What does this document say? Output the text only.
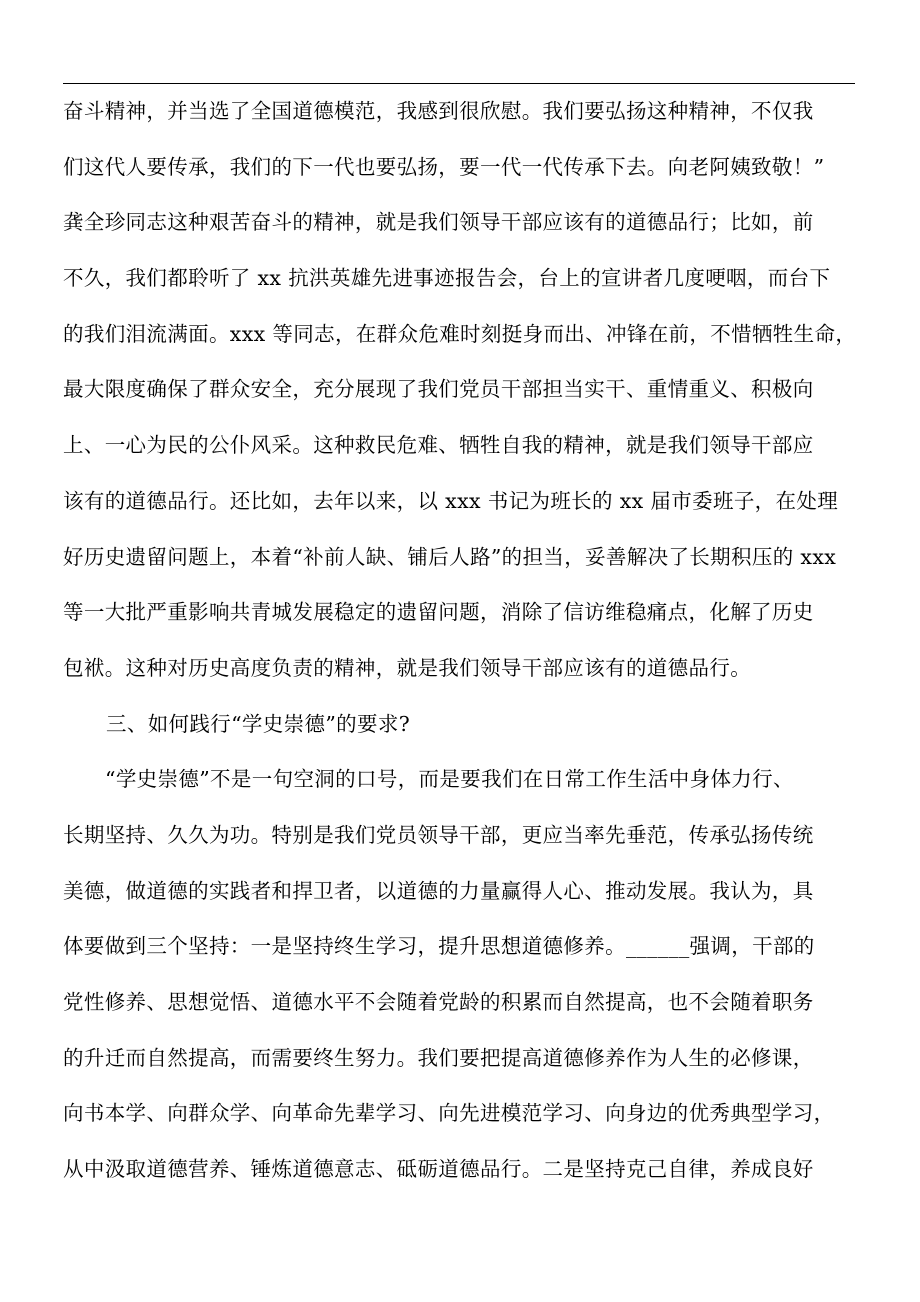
奋斗精神，并当选了全国道德模范，我感到很欣慰。我们要弘扬这种精神，不仅我
们这代人要传承，我们的下一代也要弘扬，要一代一代传承下去。向老阿姨致敬！”
龚全珍同志这种艰苦奋斗的精神，就是我们领导干部应该有的道德品行；比如，前
不久，我们都聆听了 xx 抗洪英雄先进事迹报告会，台上的宣讲者几度哽咽，而台下
的我们泪流满面。xxx 等同志，在群众危难时刻挺身而出、冲锋在前，不惜牺牲生命，
最大限度确保了群众安全，充分展现了我们党员干部担当实干、重情重义、积极向
上、一心为民的公仆风采。这种救民危难、牺牲自我的精神，就是我们领导干部应
该有的道德品行。还比如，去年以来，以 xxx 书记为班长的 xx 届市委班子，在处理
好历史遗留问题上，本着“补前人缺、铺后人路”的担当，妥善解决了长期积压的 xxx
等一大批严重影响共青城发展稳定的遗留问题，消除了信访维稳痛点，化解了历史
包袱。这种对历史高度负责的精神，就是我们领导干部应该有的道德品行。
三、如何践行“学史崇德”的要求?
“学史崇德”不是一句空洞的口号，而是要我们在日常工作生活中身体力行、
长期坚持、久久为功。特别是我们党员领导干部，更应当率先垂范，传承弘扬传统
美德，做道德的实践者和捍卫者，以道德的力量赢得人心、推动发展。我认为，具
体要做到三个坚持：一是坚持终生学习，提升思想道德修养。______强调，干部的
党性修养、思想觉悟、道德水平不会随着党龄的积累而自然提高，也不会随着职务
的升迁而自然提高，而需要终生努力。我们要把提高道德修养作为人生的必修课，
向书本学、向群众学、向革命先辈学习、向先进模范学习、向身边的优秀典型学习，
从中汲取道德营养、锤炼道德意志、砥砺道德品行。二是坚持克己自律，养成良好
